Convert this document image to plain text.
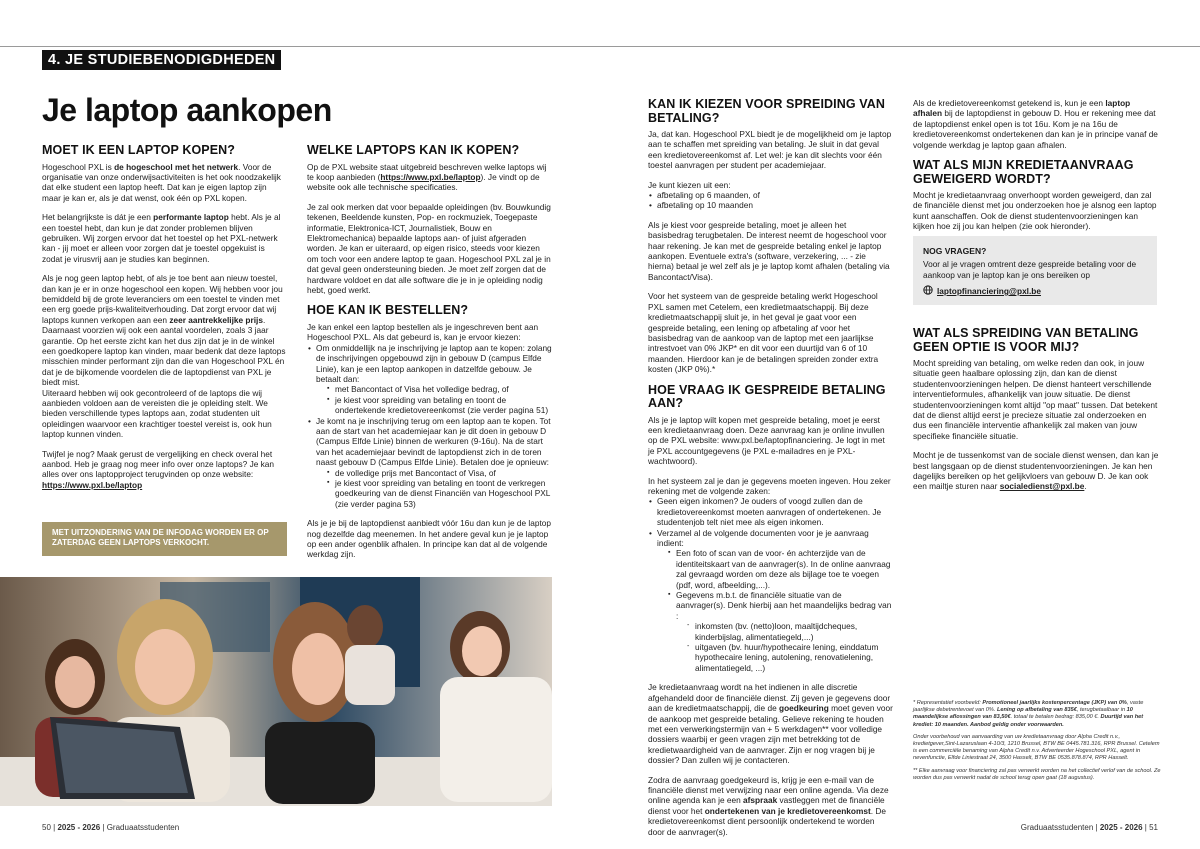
4. JE STUDIEBENODIGDHEDEN
Je laptop aankopen
MOET IK EEN LAPTOP KOPEN?

Hogeschool PXL is de hogeschool met het netwerk. Voor de organisatie van onze onderwijsactiviteiten is het ook noodzakelijk dat elke student een laptop heeft. Dat kan je eigen laptop zijn maar je kan er, als je dat wenst, ook één op PXL kopen.

Het belangrijkste is dát je een performante laptop hebt. Als je al een toestel hebt, dan kun je dat zonder problemen blijven gebruiken. Wij zorgen ervoor dat het toestel op het PXL-netwerk kan - jij moet er alleen voor zorgen dat je toestel opgekuist is zodat je virusvrij aan je studies kan beginnen.

Als je nog geen laptop hebt, of als je toe bent aan nieuw toestel, dan kan je er in onze hogeschool een kopen. Wij hebben voor jou bemiddeld bij de grote leveranciers om een toestel te vinden met een erg goede prijs-kwaliteitverhouding. Dat zorgt ervoor dat wij laptops kunnen verkopen aan een zeer aantrekkelijke prijs. Daarnaast voorzien wij ook een aantal voordelen, zoals 3 jaar garantie. Op het eerste zicht kan het dus zijn dat je in de winkel een goedkopere laptop kan vinden, maar bedenk dat deze laptops misschien minder performant zijn dan die van Hogeschool PXL én dat je de bijkomende voordelen die de laptopdienst van PXL je biedt mist.

Uiteraard hebben wij ook gecontroleerd of de laptops die wij aanbieden voldoen aan de vereisten die je opleiding stelt. We bieden verschillende types laptops aan, zodat studenten uit opleidingen waarvoor een krachtiger toestel vereist is, ook hun laptop kunnen vinden.

Twijfel je nog? Maak gerust de vergelijking en check overal het aanbod. Heb je graag nog meer info over onze laptops? Je kan alles over ons laptopproject terugvinden op onze website:
https://www.pxl.be/laptop

MET UITZONDERING VAN DE INFODAG WORDEN ER OP ZATERDAG GEEN LAPTOPS VERKOCHT.
WELKE LAPTOPS KAN IK KOPEN?

Op de PXL website staat uitgebreid beschreven welke laptops wij te koop aanbieden (https://www.pxl.be/laptop). Je vindt op de website ook alle technische specificaties.

Je zal ook merken dat voor bepaalde opleidingen (bv. Bouwkundig tekenen, Beeldende kunsten, Pop- en rockmuziek, Toegepaste informatie, Elektronica-ICT, Journalistiek, Bouw en Elektromechanica) bepaalde laptops aan- of juist afgeraden worden. Je kan er uiteraard, op eigen risico, steeds voor kiezen om toch voor een andere laptop te gaan. Hogeschool PXL zal je in dat geval geen ondersteuning bieden. Je moet zelf zorgen dat de hardware voldoet en dat alle software die je in je opleiding nodig hebt, goed werkt.

HOE KAN IK BESTELLEN?

Je kan enkel een laptop bestellen als je ingeschreven bent aan Hogeschool PXL. Als dat gebeurd is, kan je ervoor kiezen:

• Om onmiddellijk na je inschrijving je laptop aan te kopen: zolang de inschrijvingen opgebouwd zijn in gebouw D (campus Elfde Linie), kan je een laptop aankopen in datzelfde gebouw. Je betaalt dan:
▪ met Bancontact of Visa het volledige bedrag, of
▪ je kiest voor spreiding van betaling en toont de ondertekende kredietovereenkomst (zie verder pagina 51)
• Je komt na je inschrijving terug om een laptop aan te kopen. Tot aan de start van het academiejaar kan je dit doen in gebouw D (Campus Elfde Linie) binnen de werkuren (9-16u). Na de start van het academiejaar bevindt de laptopdienst zich in de toren naast gebouw D (Campus Elfde Linie). Betalen doe je opnieuw:
▪ de volledige prijs met Bancontact of Visa, of
▪ je kiest voor spreiding van betaling en toont de verkregen goedkeuring van de dienst Financiën van Hogeschool PXL (zie verder pagina 53)

Als je je bij de laptopdienst aanbiedt vóór 16u dan kun je de laptop nog dezelfde dag meenemen. In het andere geval kun je je laptop op een ander ogenblik afhalen. In principe kan dat al de volgende werkdag zijn.

KAN IK KIEZEN VOOR SPREIDING VAN BETALING?

Ja, dat kan. Hogeschool PXL biedt je de mogelijkheid om je laptop aan te schaffen met spreiding van betaling. Je sluit in dat geval een kredietovereenkomst af. Let wel: je kan dit slechts voor één toestel aanvragen per student per academiejaar.

Je kunt kiezen uit een:

• afbetaling op 6 maanden, of
• afbetaling op 10 maanden

Als je kiest voor gespreide betaling, moet je alleen het basisbedrag terugbetalen. De interest neemt de hogeschool voor haar rekening. Je kan met de gespreide betaling enkel je laptop aankopen. Eventuele extra's (software, verzekering, ... - zie hierna) betaal je wel zelf als je je laptop komt afhalen (betaling via Bancontact/Visa).

Voor het systeem van de gespreide betaling werkt Hogeschool PXL samen met Cetelem, een kredietmaatschappij. Bij deze kredietmaatschappij sluit je, in het geval je gaat voor een gespreide betaling, een lening op afbetaling af voor het basisbedrag van de aankoop van de laptop met een jaarlijkse intrestvoet van 0% JKP* en dit voor een duurtijd van 6 of 10 maanden. Hierdoor kan je de betalingen spreiden zonder extra kosten (JKP 0%).*

HOE VRAAG IK GESPREIDE BETALING AAN?

Als je je laptop wilt kopen met gespreide betaling, moet je eerst een kredietaanvraag doen. Deze aanvraag kan je online invullen op de PXL website: www.pxl.be/laptopfinanciering. Je logt in met je PXL accountgegevens (je PXL e-mailadres en je PXL-wachtwoord).

In het systeem zal je dan je gegevens moeten ingeven. Hou zeker rekening met de volgende zaken:

• Geen eigen inkomen? Je ouders of voogd zullen dan de kredietovereenkomst moeten aanvragen of ondertekenen. Je studentenjob telt niet mee als eigen inkomen.
• Verzamel al de volgende documenten voor je je aanvraag indient:
▪ Een foto of scan van de voor- én achterzijde van de identiteitskaart van de aanvrager(s). In de online aanvraag zal gevraagd worden om deze als bijlage toe te voegen (pdf, word, afbeelding,...).
▪ Gegevens m.b.t. de financiële situatie van de aanvrager(s). Denk hierbij aan het maandelijks bedrag van :
- inkomsten (bv. (netto)loon, maaltijdcheques, kinderbijslag, alimentatiegeld,...)
- uitgaven (bv. huur/hypothecaire lening, einddatum hypothecaire lening, autolening, renovatielening, alimentatiegeld, ...)

Je kredietaanvraag wordt na het indienen in alle discretie afgehandeld door de financiële dienst. Zij geven je gegevens door aan de kredietmaatschappij, die de goedkeuring moet geven voor de aankoop met gespreide betaling. Gelieve rekening te houden met een verwerkingstermijn van + 5 werkdagen** voor volledige dossiers waarbij er geen vragen zijn met betrekking tot de kredietwaardigheid van de aanvrager. Zijn er nog vragen bij je dossier? Dan zullen wij je contacteren.

Zodra de aanvraag goedgekeurd is, krijg je een e-mail van de financiële dienst met verwijzing naar een online agenda. Via deze online agenda kan je een afspraak vastleggen met de financiële dienst voor het ondertekenen van je kredietovereenkomst. De kredietovereenkomst dient persoonlijk ondertekend te worden door de aanvrager(s).

Als de kredietovereenkomst getekend is, kun je een laptop afhalen bij de laptopdienst in gebouw D. Hou er rekening mee dat de laptopdienst enkel open is tot 16u. Kom je na 16u de kredietovereenkomst ondertekenen dan kan je in principe vanaf de volgende werkdag je laptop gaan afhalen.

WAT ALS MIJN KREDIETAANVRAAG GEWEIGERD WORDT?

Mocht je kredietaanvraag onverhoopt worden geweigerd, dan zal de financiële dienst met jou onderzoeken hoe je alsnog een laptop kunt aanschaffen. Ook de dienst studentenvoorzieningen kan kijken hoe zij jou kan helpen (zie ook hieronder).

NOG VRAGEN?
Voor al je vragen omtrent deze gespreide betaling voor de aankoop van je laptop kan je ons bereiken op
laptopfinanciering@pxl.be
WAT ALS SPREIDING VAN BETALING GEEN OPTIE IS VOOR MIJ?

Mocht spreiding van betaling, om welke reden dan ook, in jouw situatie geen haalbare oplossing zijn, dan kan de dienst studentenvoorzieningen helpen. De dienst hanteert verschillende interventieformules, afhankelijk van jouw situatie. De dienst studentenvoorzieningen komt altijd "op maat" tussen. Dat betekent dat de dienst altijd eerst je precieze situatie zal onderzoeken en dus een financiële interventie afhankelijk zal maken van jouw specifieke financiële situatie.

Mocht je de tussenkomst van de sociale dienst wensen, dan kan je best langsgaan op de dienst studentenvoorzieningen. Je kan hen dagelijks bereiken op het gelijkvloers van gebouw D. Je kan ook een mailtje sturen naar socialedienst@pxl.be.

* Representatief voorbeeld: Promotioneel jaarlijks kostenpercentage (JKP) van 0%, vaste jaarlijkse debetrentevoet van 0%. Lening op afbetaling van 835€, terugbetaalbaar in 10 maandelijkse aflossingen van 83,50€. totaal te betalen bedrag: 835,00 €. Duurtijd van het krediet: 10 maanden. Aanbod geldig onder voorwaarden.

Onder voorbehoud van aanvaarding van uw kredietaanvraag door Alpha Credit n.v., kredietgever,Sint-Lazaruslaan 4-10/3, 1210 Brussel, BTW BE 0445.781.316, RPR Brussel. Cetelem is een commerciële benaming van Alpha Credit n.v. Adverteerder Hogeschool PXL, agent in nevenfunctie, Elfde Liniestraat 24, 3500 Hasselt, BTW BE 0535.878.874, RPR Hasselt.

** Elke aanvraag voor financiering zal pas verwerkt worden na het collectief verlof van de school. Ze worden dus pas verwerkt nadat de school terug open gaat (18 augustus).

50 | 2025 - 2026 | Graduaatsstudenten	Graduaatsstudenten | 2025 - 2026 | 51
